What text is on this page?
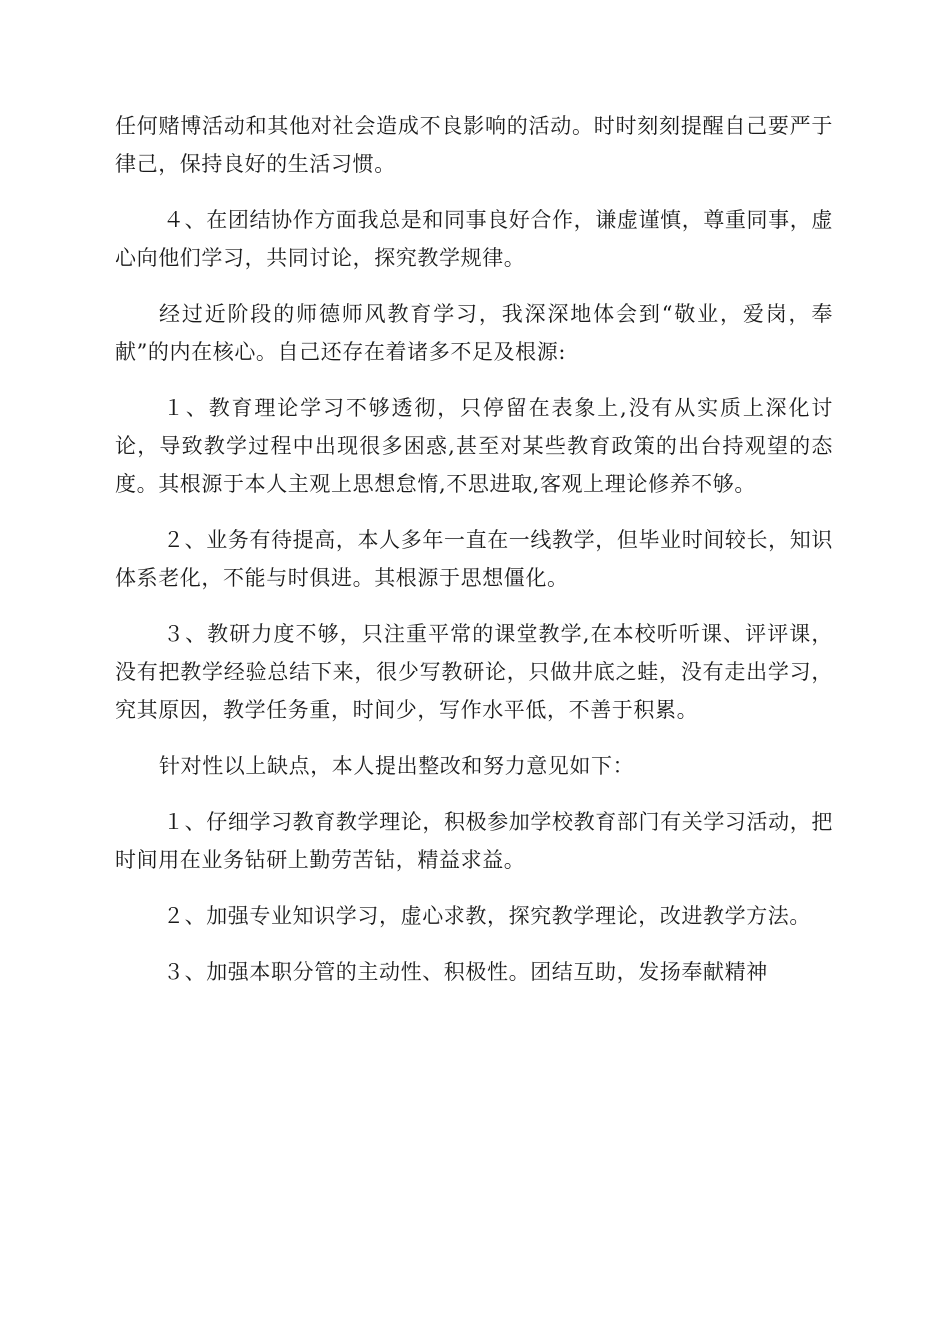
任何赌博活动和其他对社会造成不良影响的活动。时时刻刻提醒自己要严于律己，保持良好的生活习惯。

４、在团结协作方面我总是和同事良好合作，谦虚谨慎，尊重同事，虚心向他们学习，共同讨论，探究教学规律。

经过近阶段的师德师风教育学习，我深深地体会到“敬业，爱岗，奉献”的内在核心。自己还存在着诸多不足及根源:

１、教育理论学习不够透彻，只停留在表象上,没有从实质上深化讨论，导致教学过程中出现很多困惑,甚至对某些教育政策的出台持观望的态度。其根源于本人主观上思想怠惰,不思进取,客观上理论修养不够。

２、业务有待提高，本人多年一直在一线教学，但毕业时间较长，知识体系老化，不能与时俱进。其根源于思想僵化。

３、教研力度不够，只注重平常的课堂教学,在本校听听课、评评课，没有把教学经验总结下来，很少写教研论，只做井底之蛙，没有走出学习，究其原因，教学任务重，时间少，写作水平低，不善于积累。

针对性以上缺点，本人提出整改和努力意见如下：

１、仔细学习教育教学理论，积极参加学校教育部门有关学习活动，把时间用在业务钻研上勤劳苦钻，精益求益。

２、加强专业知识学习，虚心求教，探究教学理论，改进教学方法。

３、加强本职分管的主动性、积极性。团结互助，发扬奉献精神
